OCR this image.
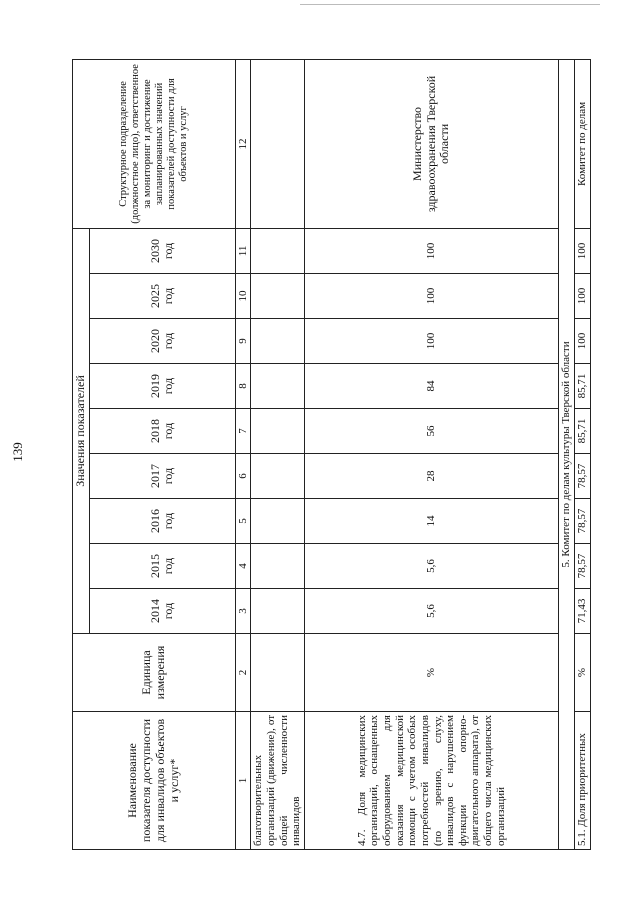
139
Наименование показателя доступности для инвалидов объектов и услуг*	Единица измерения	Значения показателей									Структурное подразделение (должностное лицо), ответственное за мониторинг и достижение запланированных значений показателей доступности для объектов и услуг
		2014 год	2015 год	2016 год	2017 год	2018 год	2019 год	2020 год	2025 год	2030 год	
1	2	3	4	5	6	7	8	9	10	11	12
благотворительных организаций (движение), от общей численности инвалидов											
4.7. Доля медицинских организаций, оснащенных оборудованием для оказания медицинской помощи с учетом особых потребностей инвалидов (по зрению, слуху, инвалидов с нарушением функции опорно-двигательного аппарата), от общего числа медицинских организаций	%	5,6	5,6	14	28	56	84	100	100	100	Министерство здравоохранения Тверской области
5. Комитет по делам культуры Тверской области											
5.1. Доля приоритетных	%	71,43	78,57	78,57	78,57	85,71	85,71	100	100	100	Комитет по делам
